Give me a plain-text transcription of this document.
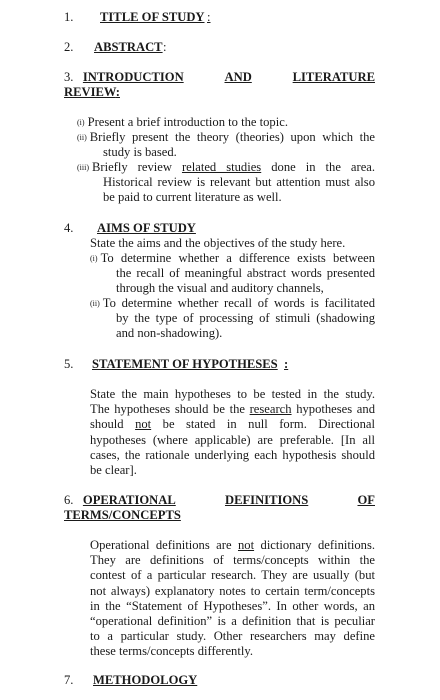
1. TITLE OF STUDY :
2. ABSTRACT :
3. INTRODUCTION	AND	LITERATURE
REVIEW:
(i) Present a brief introduction to the topic.
(ii) Briefly present the theory (theories) upon which the
study is based.
(iii) Briefly review related studies done in the area.
Historical review is relevant but attention must also
be paid to current literature as well.
4. AIMS OF STUDY
State the aims and the objectives of the study here.
(i) To determine whether a difference exists between
the recall of meaningful abstract words presented
through the visual and auditory channels,
(ii) To determine whether recall of words is facilitated
by the type of processing of stimuli (shadowing
and non-shadowing).
5. STATEMENT OF HYPOTHESES :
State the main hypotheses to be tested in the study.
The hypotheses should be the research hypotheses and
should not be stated in null form. Directional
hypotheses (where applicable) are preferable. [In all
cases, the rationale underlying each hypothesis should
be clear].
6. OPERATIONAL	DEFINITIONS	OF
TERMS/CONCEPTS
Operational definitions are not dictionary definitions.
They are definitions of terms/concepts within the
contest of a particular research. They are usually (but
not always) explanatory notes to certain term/concepts
in the “Statement of Hypotheses”. In other words, an
“operational definition” is a definition that is peculiar
to a particular study. Other researchers may define
these terms/concepts differently.
7. METHODOLOGY
